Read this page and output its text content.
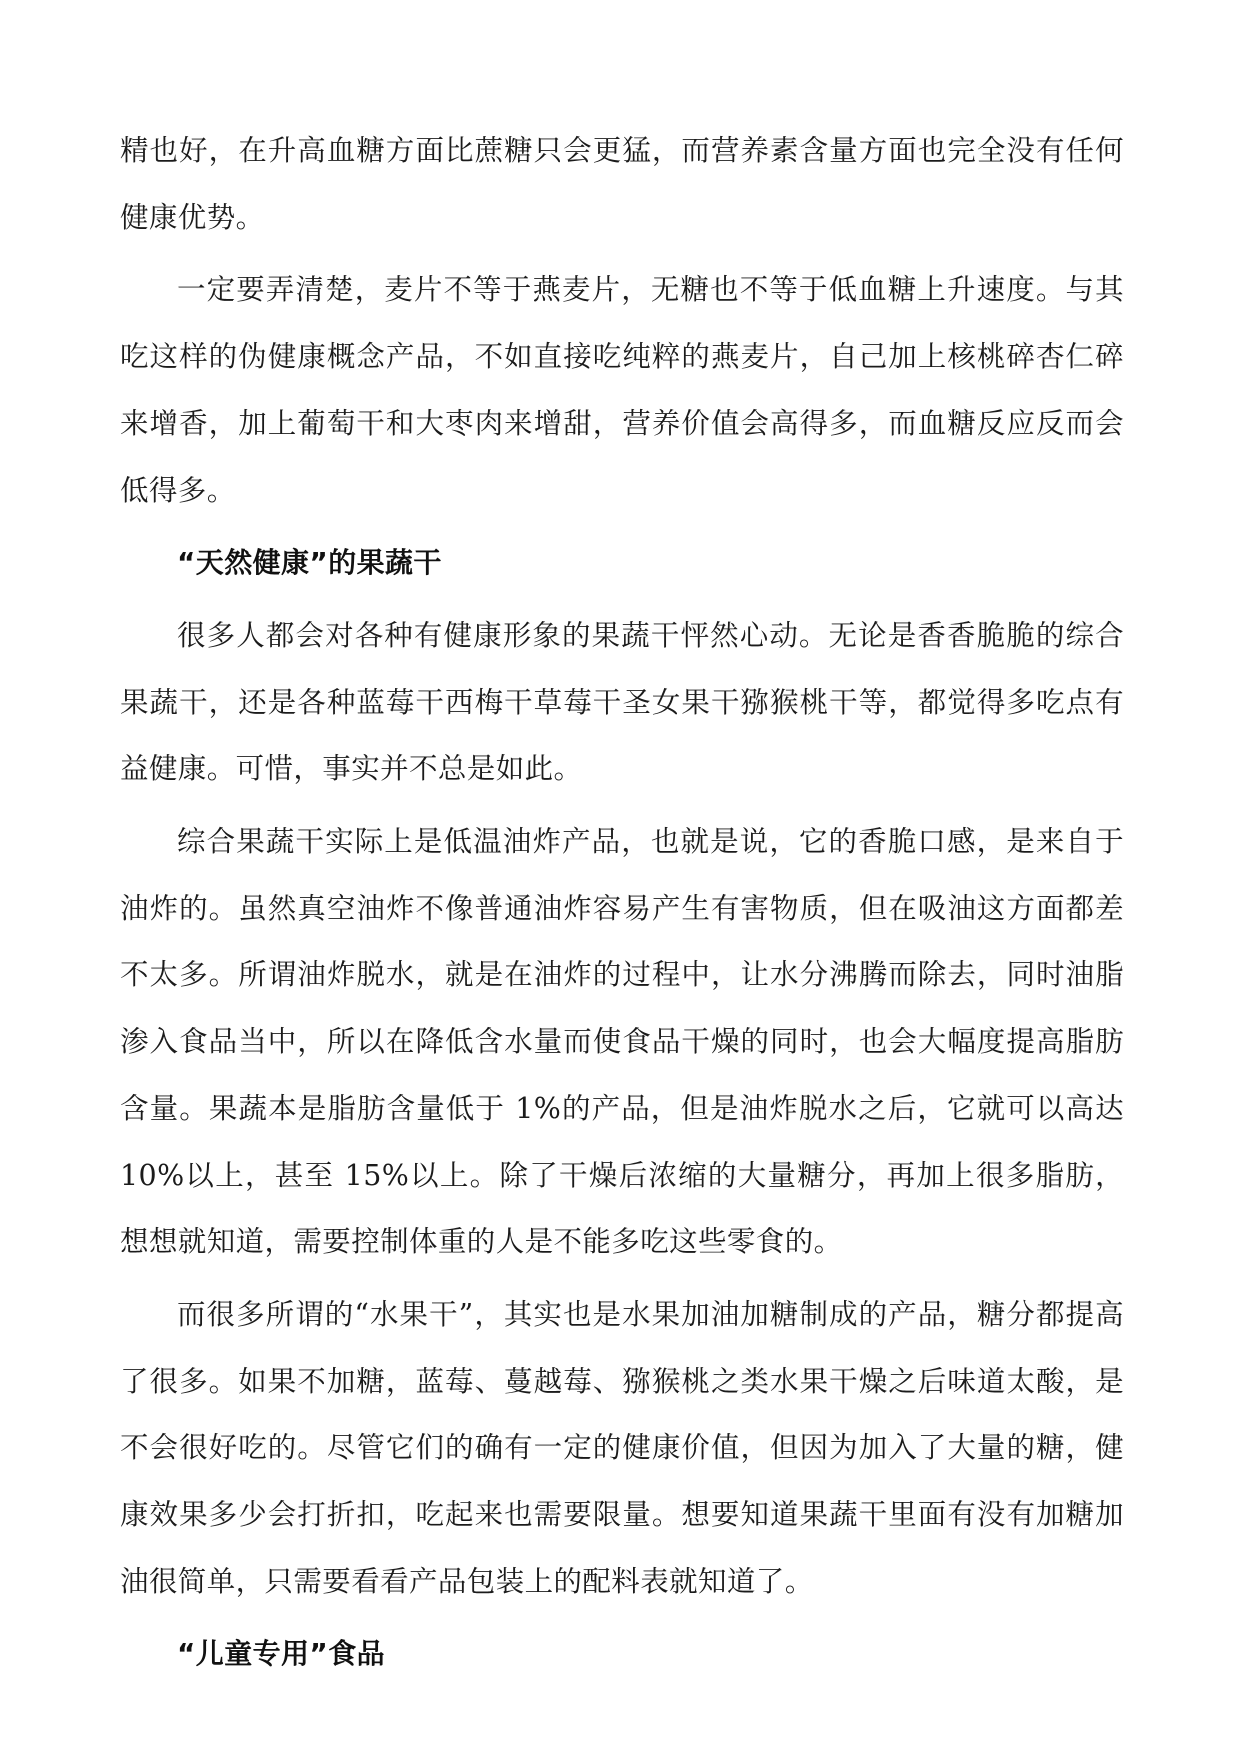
精也好，在升高血糖方面比蔗糖只会更猛，而营养素含量方面也完全没有任何健康优势。

一定要弄清楚，麦片不等于燕麦片，无糖也不等于低血糖上升速度。与其吃这样的伪健康概念产品，不如直接吃纯粹的燕麦片，自己加上核桃碎杏仁碎来增香，加上葡萄干和大枣肉来增甜，营养价值会高得多，而血糖反应反而会低得多。

“天然健康”的果蔬干

很多人都会对各种有健康形象的果蔬干怦然心动。无论是香香脆脆的综合果蔬干，还是各种蓝莓干西梅干草莓干圣女果干猕猴桃干等，都觉得多吃点有益健康。可惜，事实并不总是如此。

综合果蔬干实际上是低温油炸产品，也就是说，它的香脆口感，是来自于油炸的。虽然真空油炸不像普通油炸容易产生有害物质，但在吸油这方面都差不太多。所谓油炸脱水，就是在油炸的过程中，让水分沸腾而除去，同时油脂渗入食品当中，所以在降低含水量而使食品干燥的同时，也会大幅度提高脂肪含量。果蔬本是脂肪含量低于 1%的产品，但是油炸脱水之后，它就可以高达10%以上，甚至 15%以上。除了干燥后浓缩的大量糖分，再加上很多脂肪，想想就知道，需要控制体重的人是不能多吃这些零食的。

而很多所谓的“水果干”，其实也是水果加油加糖制成的产品，糖分都提高了很多。如果不加糖，蓝莓、蔓越莓、猕猴桃之类水果干燥之后味道太酸，是不会很好吃的。尽管它们的确有一定的健康价值，但因为加入了大量的糖，健康效果多少会打折扣，吃起来也需要限量。想要知道果蔬干里面有没有加糖加油很简单，只需要看看产品包装上的配料表就知道了。

“儿童专用”食品
